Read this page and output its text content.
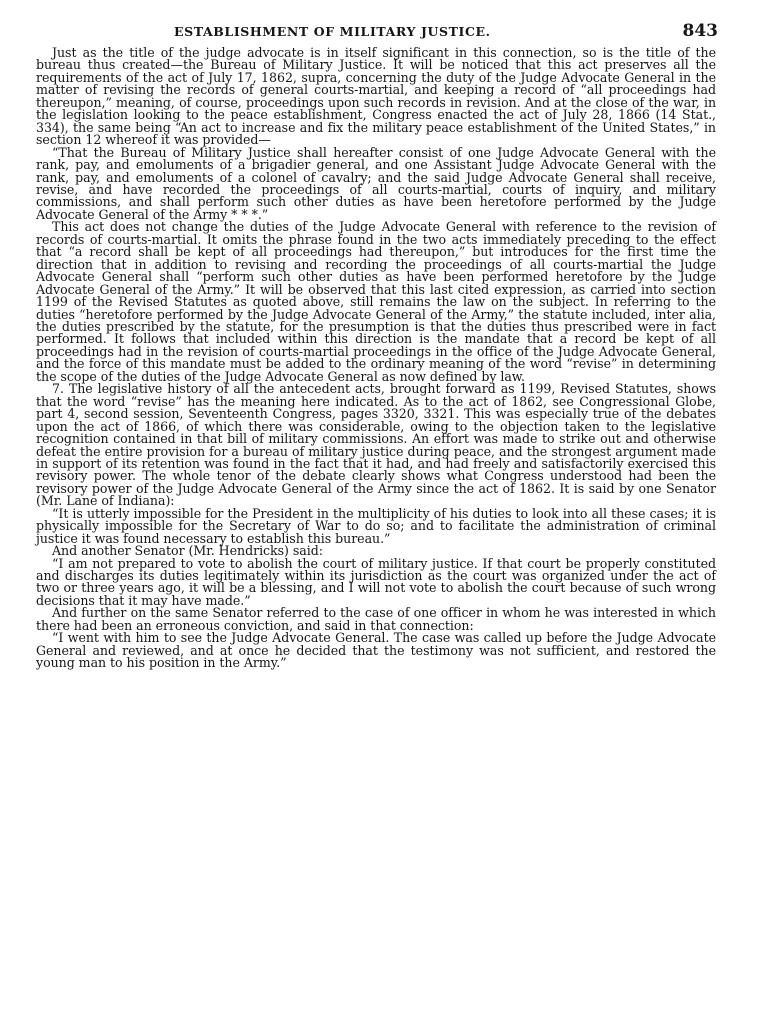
ESTABLISHMENT OF MILITARY JUSTICE.	843

Just as the title of the judge advocate is in itself significant in this connection, so is the title of the bureau thus created—the Bureau of Military Justice. It will be noticed that this act preserves all the requirements of the act of July 17, 1862, supra, concerning the duty of the Judge Advocate General in the matter of revising the records of general courts-martial, and keeping a record of “all proceedings had thereupon,” meaning, of course, proceedings upon such records in revision. And at the close of the war, in the legislation looking to the peace establishment, Congress enacted the act of July 28, 1866 (14 Stat., 334), the same being “An act to increase and fix the military peace establishment of the United States,” in section 12 whereof it was provided—

“That the Bureau of Military Justice shall hereafter consist of one Judge Advocate General with the rank, pay, and emoluments of a brigadier general, and one Assistant Judge Advocate General with the rank, pay, and emoluments of a colonel of cavalry; and the said Judge Advocate General shall receive, revise, and have recorded the proceedings of all courts-martial, courts of inquiry, and military commissions, and shall perform such other duties as have been heretofore performed by the Judge Advocate General of the Army * * *.”

This act does not change the duties of the Judge Advocate General with reference to the revision of records of courts-martial. It omits the phrase found in the two acts immediately preceding to the effect that “a record shall be kept of all proceedings had thereupon,” but introduces for the first time the direction that in addition to revising and recording the proceedings of all courts-martial the Judge Advocate General shall “perform such other duties as have been performed heretofore by the Judge Advocate General of the Army.” It will be observed that this last cited expression, as carried into section 1199 of the Revised Statutes as quoted above, still remains the law on the subject. In referring to the duties “heretofore performed by the Judge Advocate General of the Army,” the statute included, inter alia, the duties prescribed by the statute, for the presumption is that the duties thus prescribed were in fact performed. It follows that included within this direction is the mandate that a record be kept of all proceedings had in the revision of courts-martial proceedings in the office of the Judge Advocate General, and the force of this mandate must be added to the ordinary meaning of the word “revise” in determining the scope of the duties of the Judge Advocate General as now defined by law.

7. The legislative history of all the antecedent acts, brought forward as 1199, Revised Statutes, shows that the word “revise” has the meaning here indicated. As to the act of 1862, see Congressional Globe, part 4, second session, Seventeenth Congress, pages 3320, 3321. This was especially true of the debates upon the act of 1866, of which there was considerable, owing to the objection taken to the legislative recognition contained in that bill of military commissions. An effort was made to strike out and otherwise defeat the entire provision for a bureau of military justice during peace, and the strongest argument made in support of its retention was found in the fact that it had, and had freely and satisfactorily exercised this revisory power. The whole tenor of the debate clearly shows what Congress understood had been the revisory power of the Judge Advocate General of the Army since the act of 1862. It is said by one Senator (Mr. Lane of Indiana):

“It is utterly impossible for the President in the multiplicity of his duties to look into all these cases; it is physically impossible for the Secretary of War to do so; and to facilitate the administration of criminal justice it was found necessary to establish this bureau.”

And another Senator (Mr. Hendricks) said:

“I am not prepared to vote to abolish the court of military justice. If that court be properly constituted and discharges its duties legitimately within its jurisdiction as the court was organized under the act of two or three years ago, it will be a blessing, and I will not vote to abolish the court because of such wrong decisions that it may have made.”

And further on the same Senator referred to the case of one officer in whom he was interested in which there had been an erroneous conviction, and said in that connection:

“I went with him to see the Judge Advocate General. The case was called up before the Judge Advocate General and reviewed, and at once he decided that the testimony was not sufficient, and restored the young man to his position in the Army.”
